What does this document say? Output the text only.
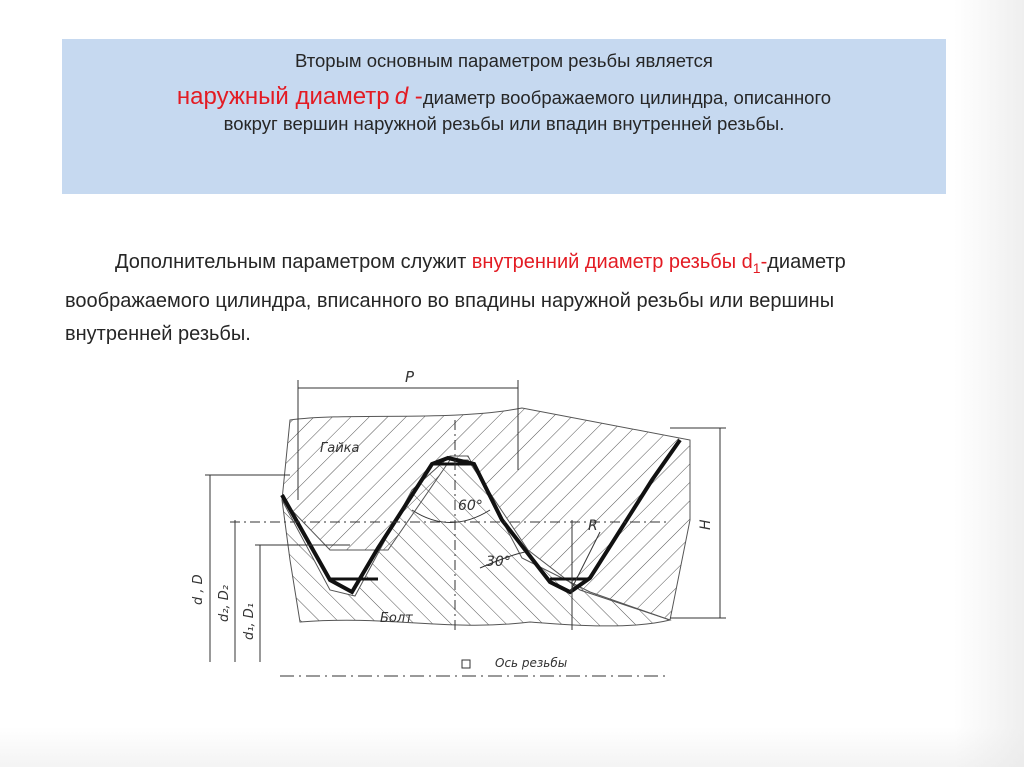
Вторым основным параметром резьбы является
наружный диаметр d -диаметр воображаемого цилиндра, описанного
вокруг вершин наружной резьбы или впадин внутренней резьбы.
Дополнительным параметром служит внутренний диаметр резьбы $d_1$-диаметр воображаемого цилиндра, вписанного во впадины наружной резьбы или вершины внутренней резьбы.
P
H
d , D d₂, D₂ d₁, D₁
60°
30°
R
Гайка
Болт
Ось резьбы
